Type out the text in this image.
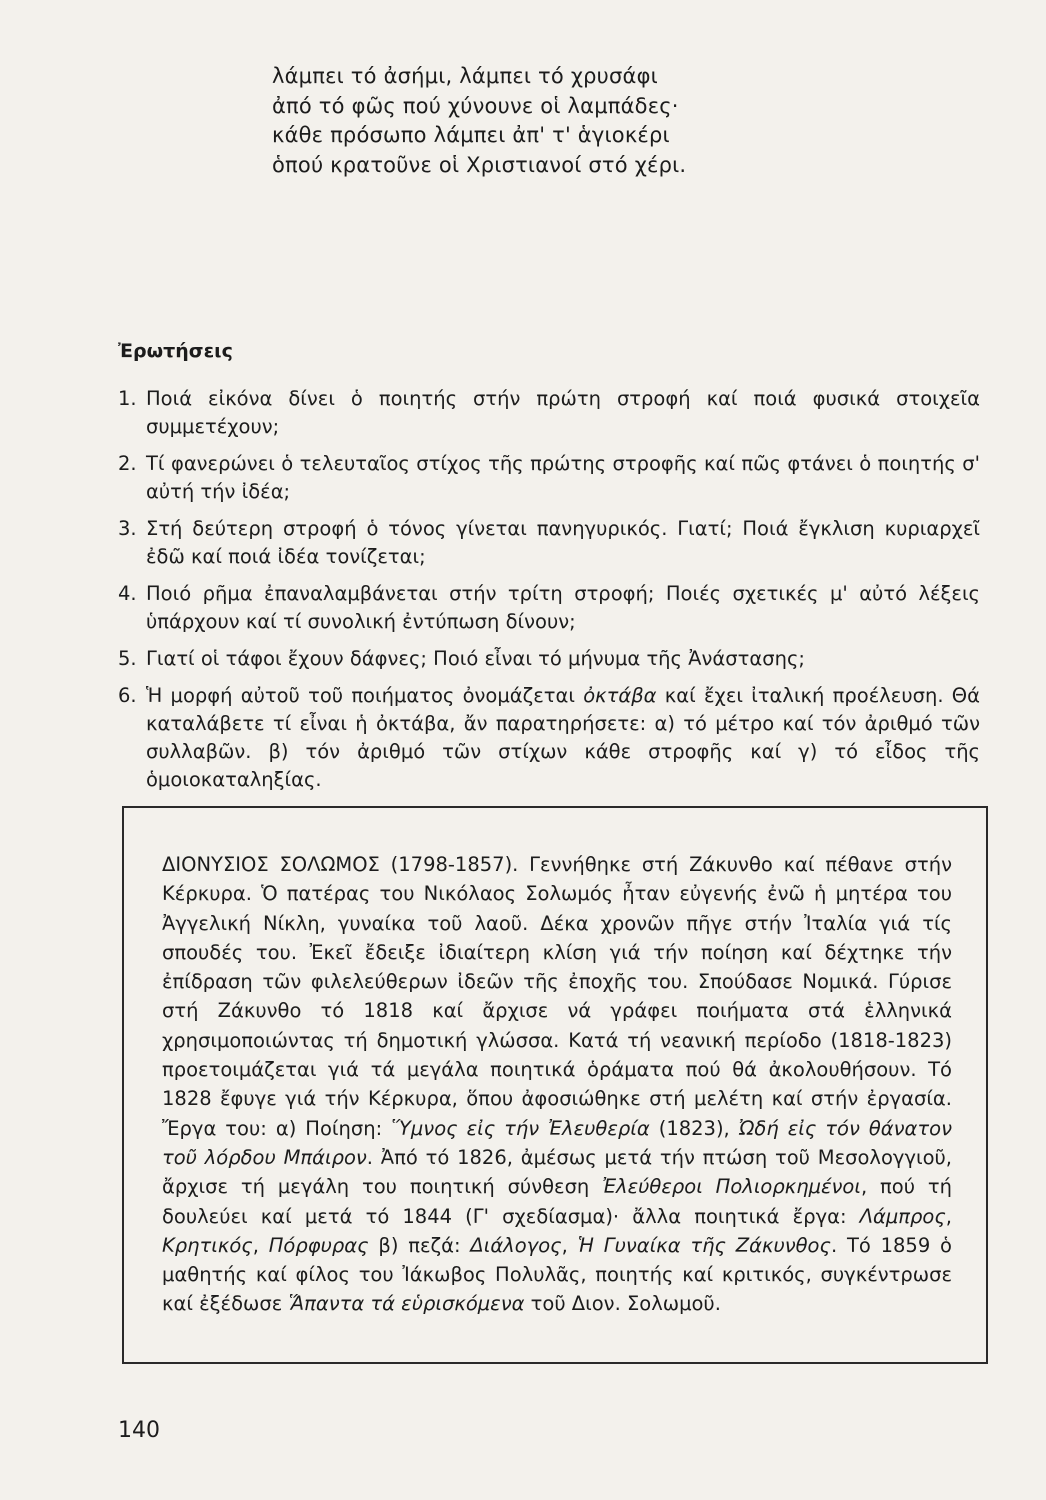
λάμπει τό ἀσήμι, λάμπει τό χρυσάφι
ἀπό τό φῶς πού χύνουνε οἱ λαμπάδες·
κάθε πρόσωπο λάμπει ἀπ' τ' ἁγιοκέρι
ὁπού κρατοῦνε οἱ Χριστιανοί στό χέρι.
Ἐρωτήσεις
1. Ποιά εἰκόνα δίνει ὁ ποιητής στήν πρώτη στροφή καί ποιά φυσικά στοιχεῖα συμμετέχουν;
2. Τί φανερώνει ὁ τελευταῖος στίχος τῆς πρώτης στροφῆς καί πῶς φτάνει ὁ ποιητής σ' αὐτή τήν ἰδέα;
3. Στή δεύτερη στροφή ὁ τόνος γίνεται πανηγυρικός. Γιατί; Ποιά ἔγκλιση κυριαρχεῖ ἐδῶ καί ποιά ἰδέα τονίζεται;
4. Ποιό ρῆμα ἐπαναλαμβάνεται στήν τρίτη στροφή; Ποιές σχετικές μ' αὐτό λέξεις ὑπάρχουν καί τί συνολική ἐντύπωση δίνουν;
5. Γιατί οἱ τάφοι ἔχουν δάφνες; Ποιό εἶναι τό μήνυμα τῆς Ἀνάστασης;
6. Ἡ μορφή αὐτοῦ τοῦ ποιήματος ὀνομάζεται ὀκτάβα καί ἔχει ἰταλική προέλευση. Θά καταλάβετε τί εἶναι ἡ ὀκτάβα, ἄν παρατηρήσετε: α) τό μέτρο καί τόν ἀριθμό τῶν συλλαβῶν. β) τόν ἀριθμό τῶν στίχων κάθε στροφῆς καί γ) τό εἶδος τῆς ὁμοιοκαταληξίας.
ΔΙΟΝΥΣΙΟΣ ΣΟΛΩΜΟΣ (1798-1857). Γεννήθηκε στή Ζάκυνθο καί πέθανε στήν Κέρκυρα. Ὁ πατέρας του Νικόλαος Σολωμός ἦταν εὐγενής ἐνῶ ἡ μητέρα του Ἀγγελική Νίκλη, γυναίκα τοῦ λαοῦ. Δέκα χρονῶν πῆγε στήν Ἰταλία γιά τίς σπουδές του. Ἐκεῖ ἔδειξε ἰδιαίτερη κλίση γιά τήν ποίηση καί δέχτηκε τήν ἐπίδραση τῶν φιλελεύθερων ἰδεῶν τῆς ἐποχῆς του. Σπούδασε Νομικά. Γύρισε στή Ζάκυνθο τό 1818 καί ἄρχισε νά γράφει ποιήματα στά ἑλληνικά χρησιμοποιώντας τή δημοτική γλώσσα. Κατά τή νεανική περίοδο (1818-1823) προετοιμάζεται γιά τά μεγάλα ποιητικά ὁράματα πού θά ἀκολουθήσουν. Τό 1828 ἔφυγε γιά τήν Κέρκυρα, ὅπου ἀφοσιώθηκε στή μελέτη καί στήν ἐργασία. Ἔργα του: α) Ποίηση: Ὕμνος εἰς τήν Ἐλευθερία (1823), Ὠδή εἰς τόν θάνατον τοῦ λόρδου Μπάιρον. Ἀπό τό 1826, ἀμέσως μετά τήν πτώση τοῦ Μεσολογγιοῦ, ἄρχισε τή μεγάλη του ποιητική σύνθεση Ἐλεύθεροι Πολιορκημένοι, πού τή δουλεύει καί μετά τό 1844 (Γ' σχεδίασμα)· ἄλλα ποιητικά ἔργα: Λάμπρος, Κρητικός, Πόρφυρας β) πεζά: Διάλογος, Ἡ Γυναίκα τῆς Ζάκυνθος. Τό 1859 ὁ μαθητής καί φίλος του Ἰάκωβος Πολυλᾶς, ποιητής καί κριτικός, συγκέντρωσε καί ἐξέδωσε Ἅπαντα τά εὑρισκόμενα τοῦ Διον. Σολωμοῦ.
140
